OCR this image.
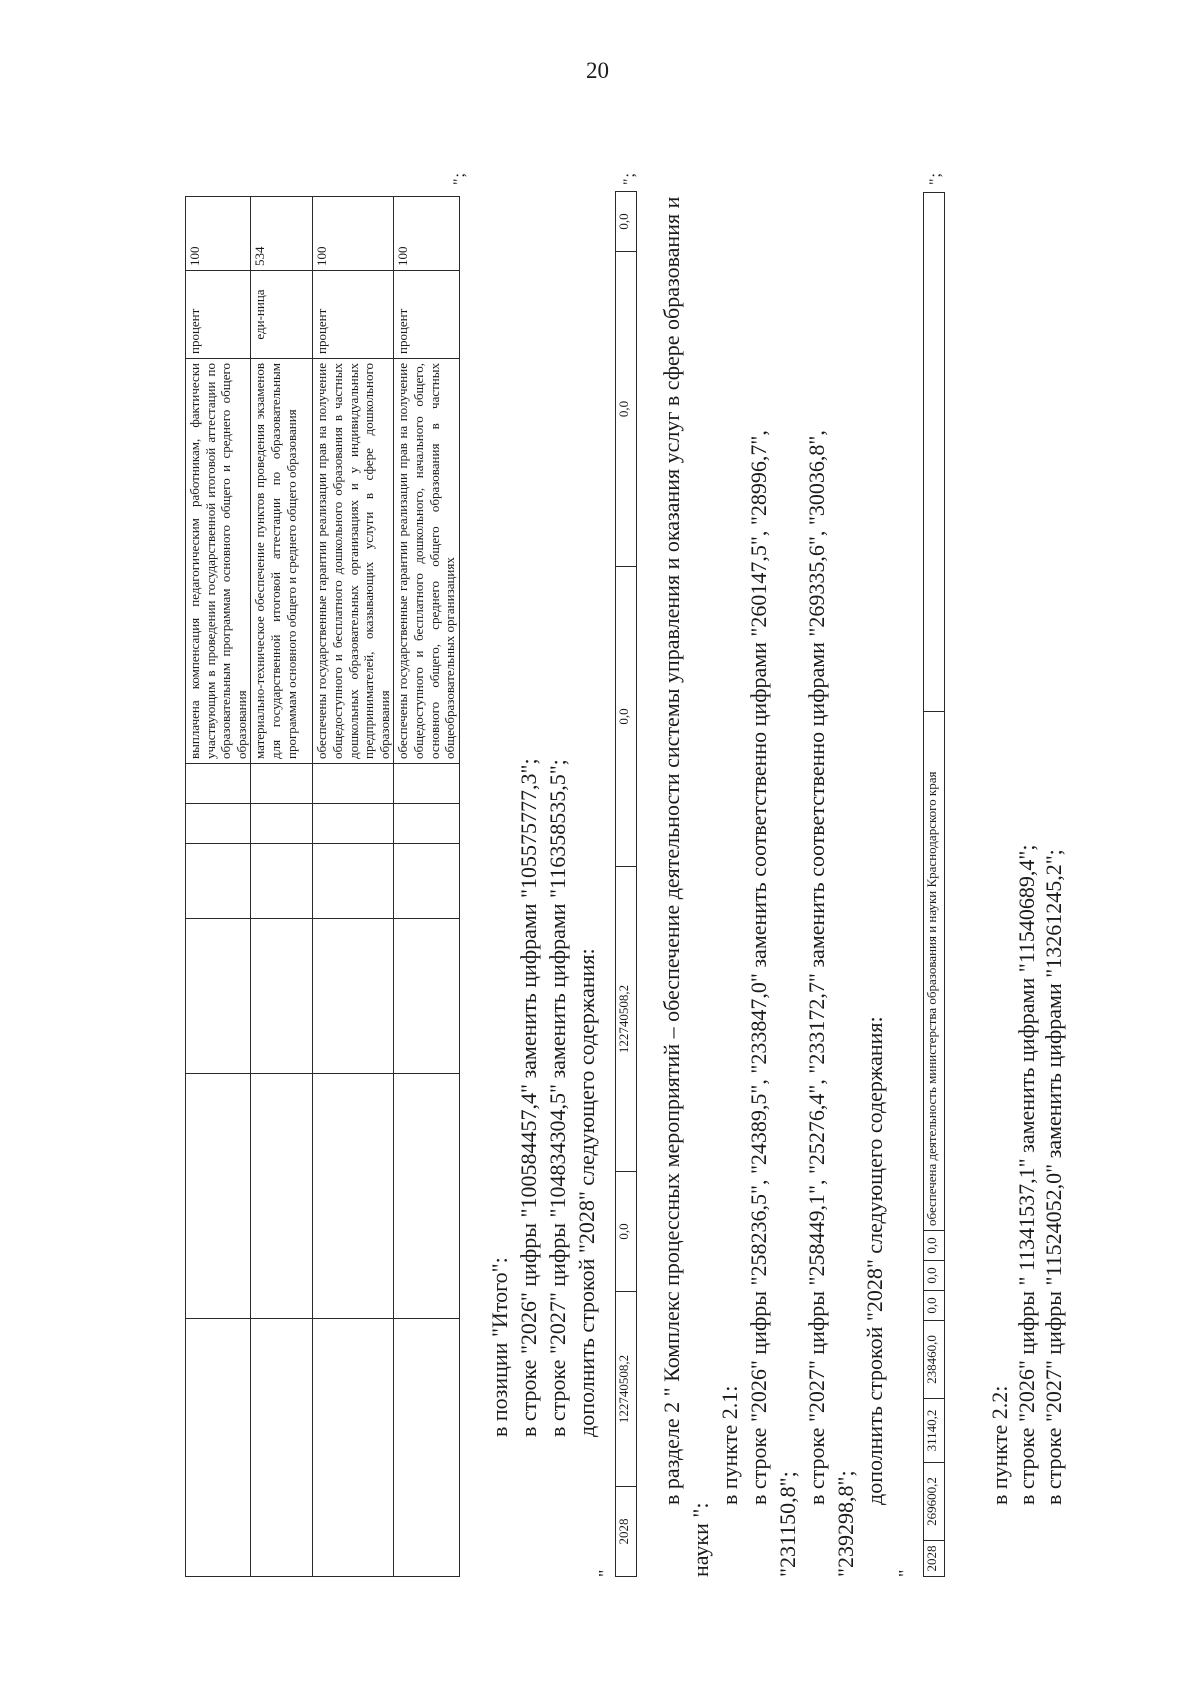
20
						выплачена компенсация педагогическим работникам, фактически участвующим в проведении государственной итоговой аттестации по образовательным программам основного общего и среднего общего образования	процент	100
						материально-техническое обеспечение пунктов проведения экзаменов для государственной итоговой аттестации по образовательным программам основного общего и среднего общего образования	еди-ница	534
						обеспечены государственные гарантии реализации прав на получение общедоступного и бесплатного дошкольного образования в частных дошкольных образовательных организациях и у индивидуальных предпринимателей, оказывающих услуги в сфере дошкольного образования	процент	100
						обеспечены государственные гарантии реализации прав на получение общедоступного и бесплатного дошкольного, начального общего, основного общего, среднего общего образования в частных общеобразовательных организациях	процент	100
";
в позиции "Итого": в строке "2026" цифры "100584457,4" заменить цифрами "105575777,3"; в строке "2027" цифры "104834304,5" заменить цифрами "116358535,5"; дополнить строкой "2028" следующего содержания:
"
2028	122740508,2	0,0	122740508,2	0,0	0,0	0,0
";
в разделе 2 " Комплекс процессных мероприятий – обеспечение деятельности системы управления и оказания услуг в сфере образования и науки ":
в пункте 2.1: в строке "2026" цифры "258236,5", "24389,5", "233847,0" заменить соответственно цифрами "260147,5", "28996,7",
"231150,8";
в строке "2027" цифры "258449,1", "25276,4", "233172,7" заменить соответственно цифрами "269335,6", "30036,8",
"239298,8";
дополнить строкой "2028" следующего содержания:
"
2028	269600,2	31140,2	238460,0	0,0	0,0	0,0	обеспечена деятельность министерства образования и науки Краснодарского края	
";
в пункте 2.2: в строке "2026" цифры " 11341537,1" заменить цифрами "11540689,4"; в строке "2027" цифры "11524052,0" заменить цифрами "13261245,2";
